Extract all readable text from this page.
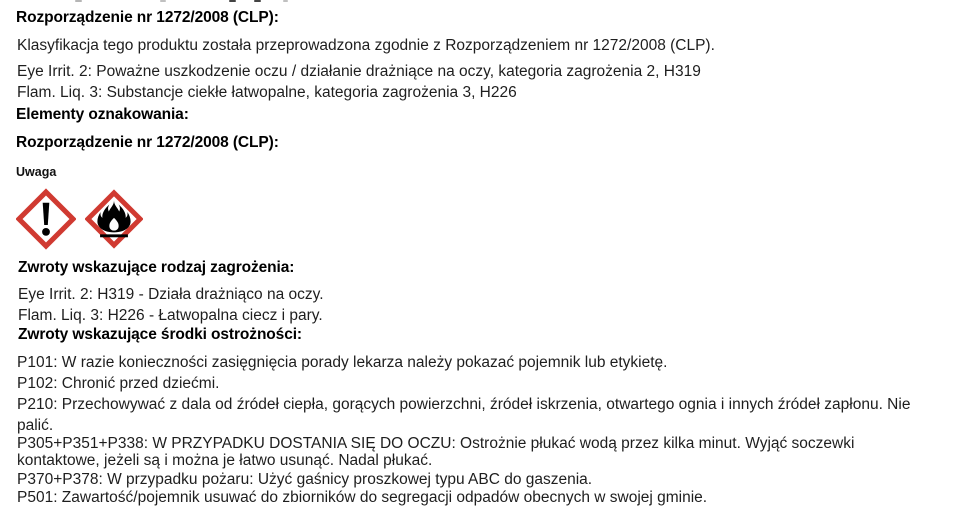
Rozporządzenie nr 1272/2008 (CLP):
Klasyfikacja tego produktu została przeprowadzona zgodnie z Rozporządzeniem nr 1272/2008 (CLP).
Eye Irrit. 2: Poważne uszkodzenie oczu / działanie drażniące na oczy, kategoria zagrożenia 2, H319
Flam. Liq. 3: Substancje ciekłe łatwopalne, kategoria zagrożenia 3, H226
Elementy oznakowania:
Rozporządzenie nr 1272/2008 (CLP):
Uwaga
Zwroty wskazujące rodzaj zagrożenia:
Eye Irrit. 2: H319 - Działa drażniąco na oczy.
Flam. Liq. 3: H226 - Łatwopalna ciecz i pary.
Zwroty wskazujące środki ostrożności:
P101: W razie konieczności zasięgnięcia porady lekarza należy pokazać pojemnik lub etykietę.
P102: Chronić przed dziećmi.
P210: Przechowywać z dala od źródeł ciepła, gorących powierzchni, źródeł iskrzenia, otwartego ognia i innych źródeł zapłonu. Nie
palić.
P305+P351+P338: W PRZYPADKU DOSTANIA SIĘ DO OCZU: Ostrożnie płukać wodą przez kilka minut. Wyjąć soczewki
kontaktowe, jeżeli są i można je łatwo usunąć. Nadal płukać.
P370+P378: W przypadku pożaru: Użyć gaśnicy proszkowej typu ABC do gaszenia.
P501: Zawartość/pojemnik usuwać do zbiorników do segregacji odpadów obecnych w swojej gminie.
